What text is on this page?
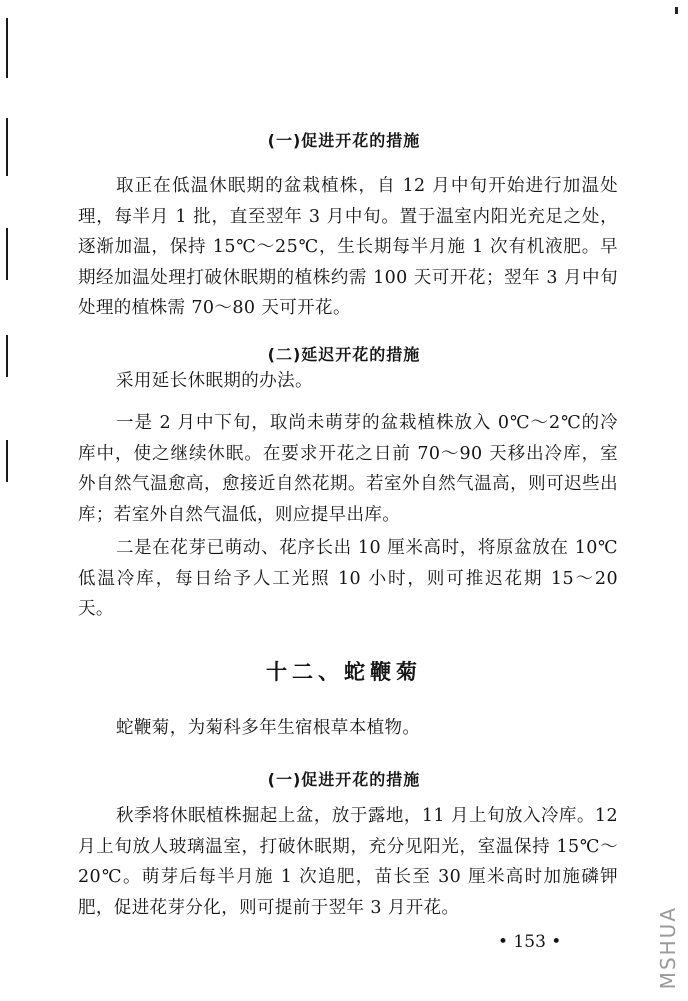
(一)促进开花的措施

取正在低温休眠期的盆栽植株，自 12 月中旬开始进行加温处理，每半月 1 批，直至翌年 3 月中旬。置于温室内阳光充足之处，逐渐加温，保持 15℃～25℃，生长期每半月施 1 次有机液肥。早期经加温处理打破休眠期的植株约需 100 天可开花；翌年 3 月中旬处理的植株需 70～80 天可开花。

(二)延迟开花的措施

采用延长休眠期的办法。

一是 2 月中下旬，取尚未萌芽的盆栽植株放入 0℃～2℃的冷库中，使之继续休眠。在要求开花之日前 70～90 天移出冷库，室外自然气温愈高，愈接近自然花期。若室外自然气温高，则可迟些出库；若室外自然气温低，则应提早出库。

二是在花芽已萌动、花序长出 10 厘米高时，将原盆放在 10℃低温冷库，每日给予人工光照 10 小时，则可推迟花期 15～20 天。

十二、蛇鞭菊

蛇鞭菊，为菊科多年生宿根草本植物。

(一)促进开花的措施

秋季将休眠植株掘起上盆，放于露地，11 月上旬放入冷库。12 月上旬放人玻璃温室，打破休眠期，充分见阳光，室温保持 15℃～20℃。萌芽后每半月施 1 次追肥，苗长至 30 厘米高时加施磷钾肥，促进花芽分化，则可提前于翌年 3 月开花。

• 153 •	MSHUA
